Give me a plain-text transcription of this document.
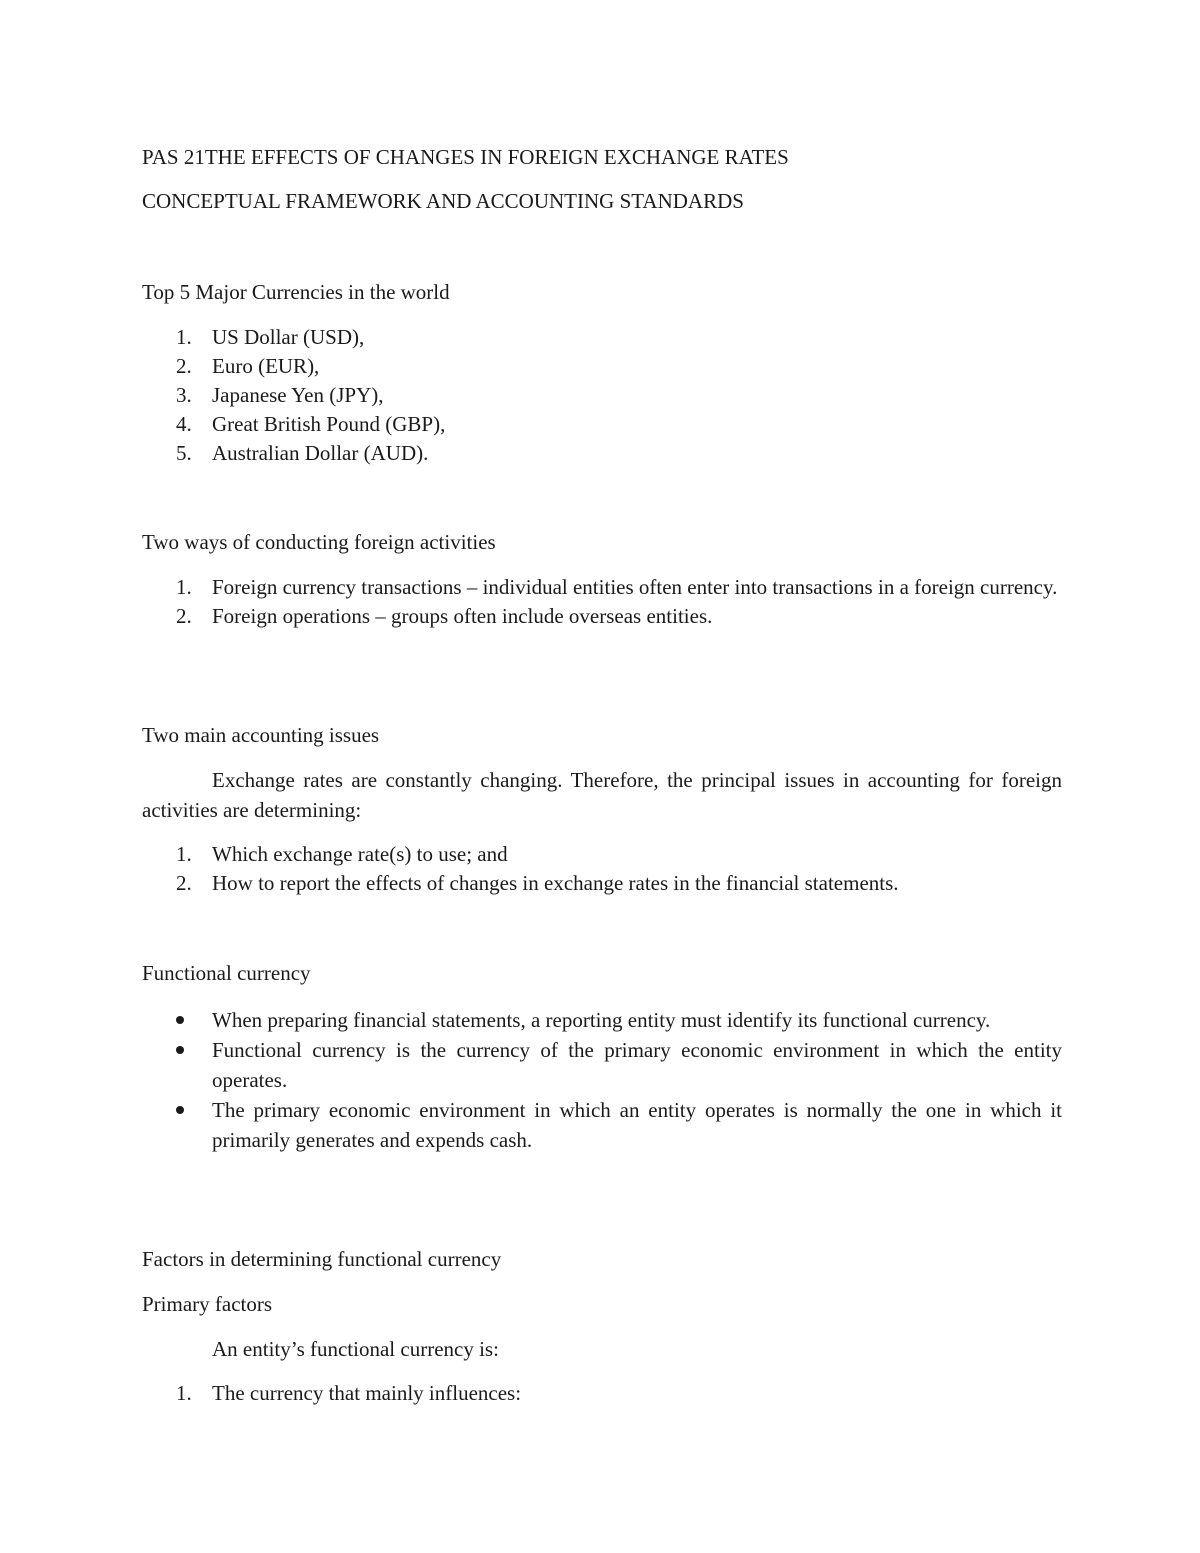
PAS 21THE EFFECTS OF CHANGES IN FOREIGN EXCHANGE RATES
CONCEPTUAL FRAMEWORK AND ACCOUNTING STANDARDS
Top 5 Major Currencies in the world
1. US Dollar (USD),
2. Euro (EUR),
3. Japanese Yen (JPY),
4. Great British Pound (GBP),
5. Australian Dollar (AUD).
Two ways of conducting foreign activities
1. Foreign currency transactions – individual entities often enter into transactions in a foreign currency.
2. Foreign operations – groups often include overseas entities.
Two main accounting issues
Exchange rates are constantly changing. Therefore, the principal issues in accounting for foreign activities are determining:
1. Which exchange rate(s) to use; and
2. How to report the effects of changes in exchange rates in the financial statements.
Functional currency
When preparing financial statements, a reporting entity must identify its functional currency.
Functional currency is the currency of the primary economic environment in which the entity operates.
The primary economic environment in which an entity operates is normally the one in which it primarily generates and expends cash.
Factors in determining functional currency
Primary factors
An entity’s functional currency is:
1. The currency that mainly influences:
